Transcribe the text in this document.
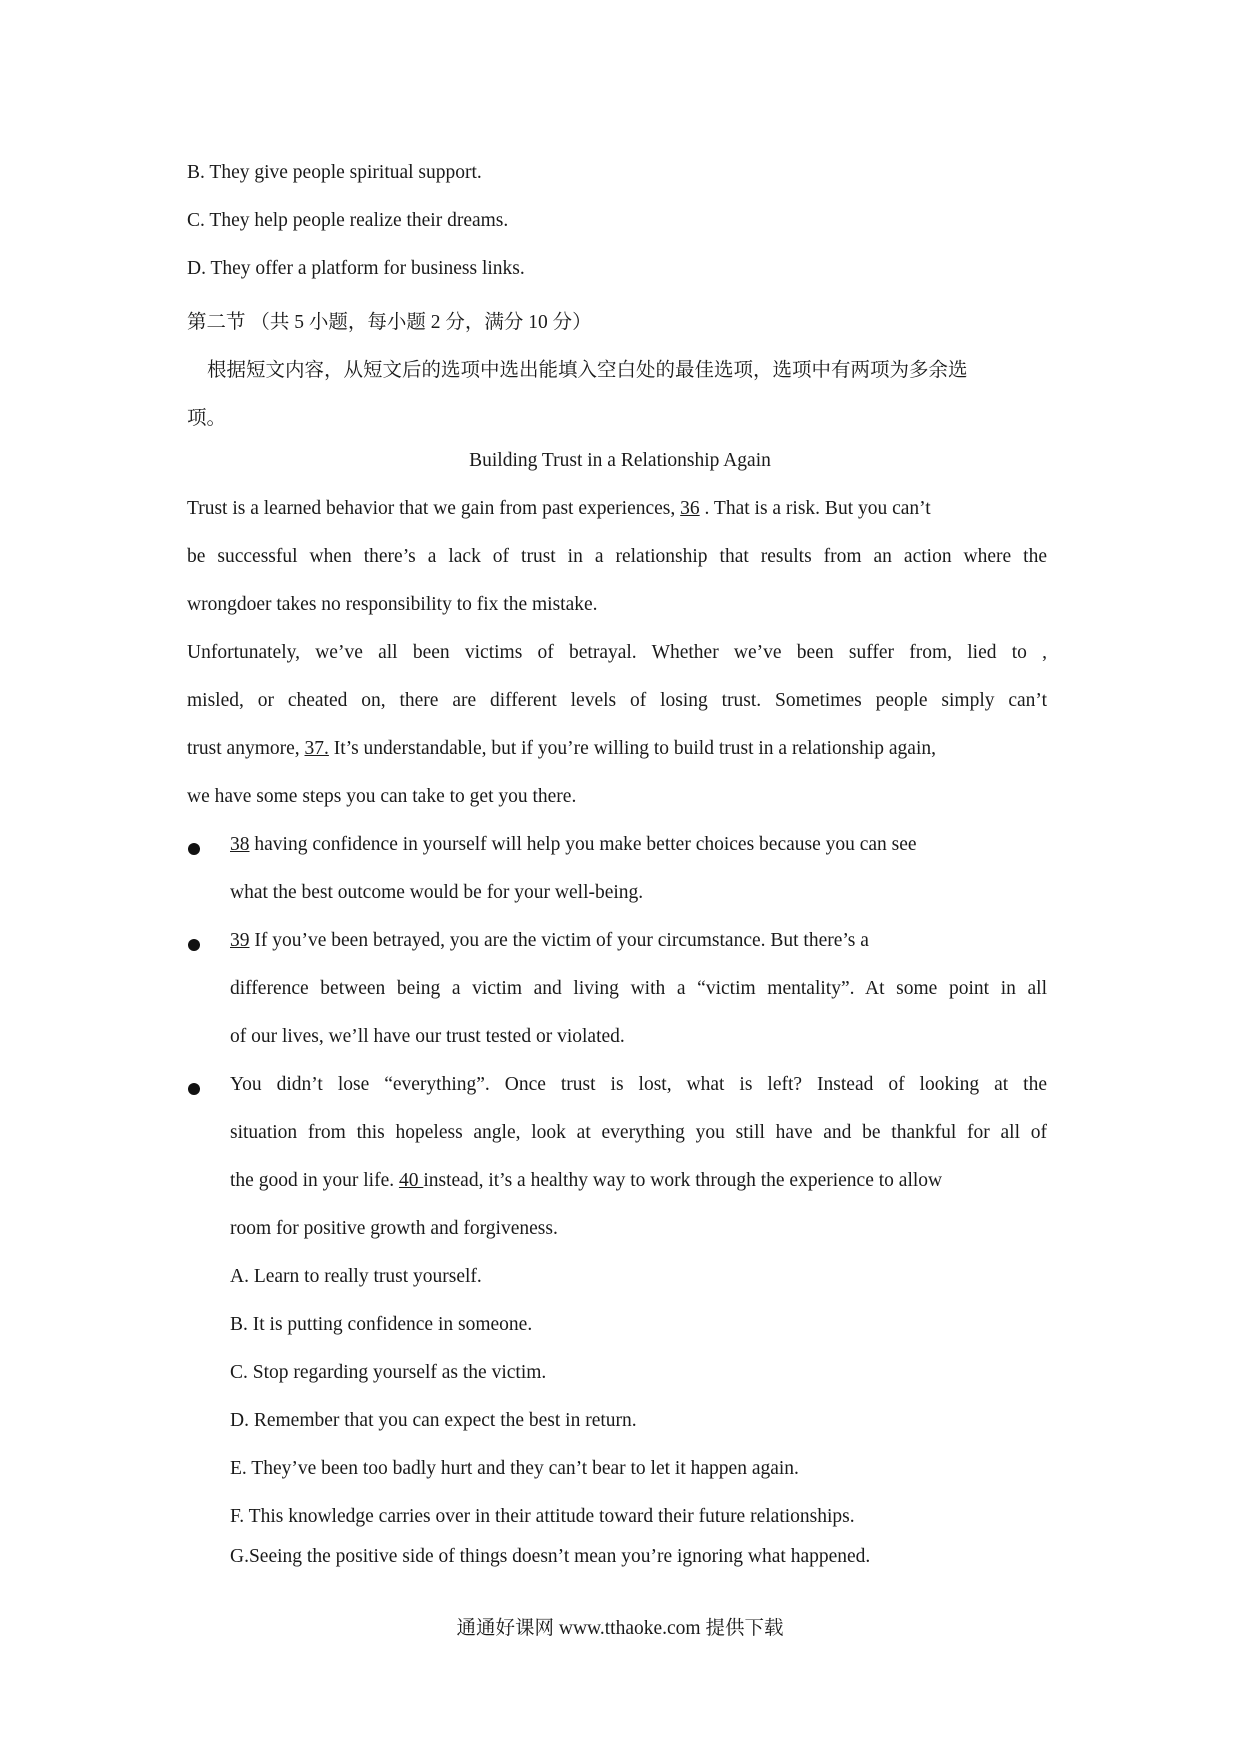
B. They give people spiritual support.
C. They help people realize their dreams.
D. They offer a platform for business links.
第二节 （共 5 小题，每小题 2 分，满分 10 分）
根据短文内容，从短文后的选项中选出能填入空白处的最佳选项，选项中有两项为多余选
项。
Building Trust in a Relationship Again
Trust is a learned behavior that we gain from past experiences, 36 . That is a risk. But you can’t
be successful when there’s a lack of trust in a relationship that results from an action where the
wrongdoer takes no responsibility to fix the mistake.
Unfortunately, we’ve all been victims of betrayal. Whether we’ve been suffer from, lied to ,
misled, or cheated on, there are different levels of losing trust. Sometimes people simply can’t
trust anymore, 37. It’s understandable, but if you’re willing to build trust in a relationship again,
we have some steps you can take to get you there.
38 having confidence in yourself will help you make better choices because you can see
what the best outcome would be for your well-being.
39 If you’ve been betrayed, you are the victim of your circumstance. But there’s a
difference between being a victim and living with a “victim mentality”. At some point in all
of our lives, we’ll have our trust tested or violated.
You didn’t lose “everything”. Once trust is lost, what is left? Instead of looking at the
situation from this hopeless angle, look at everything you still have and be thankful for all of
the good in your life. 40 instead, it’s a healthy way to work through the experience to allow
room for positive growth and forgiveness.
A. Learn to really trust yourself.
B. It is putting confidence in someone.
C. Stop regarding yourself as the victim.
D. Remember that you can expect the best in return.
E. They’ve been too badly hurt and they can’t bear to let it happen again.
F. This knowledge carries over in their attitude toward their future relationships.
G.Seeing the positive side of things doesn’t mean you’re ignoring what happened.
通通好课网 www.tthaoke.com 提供下载
